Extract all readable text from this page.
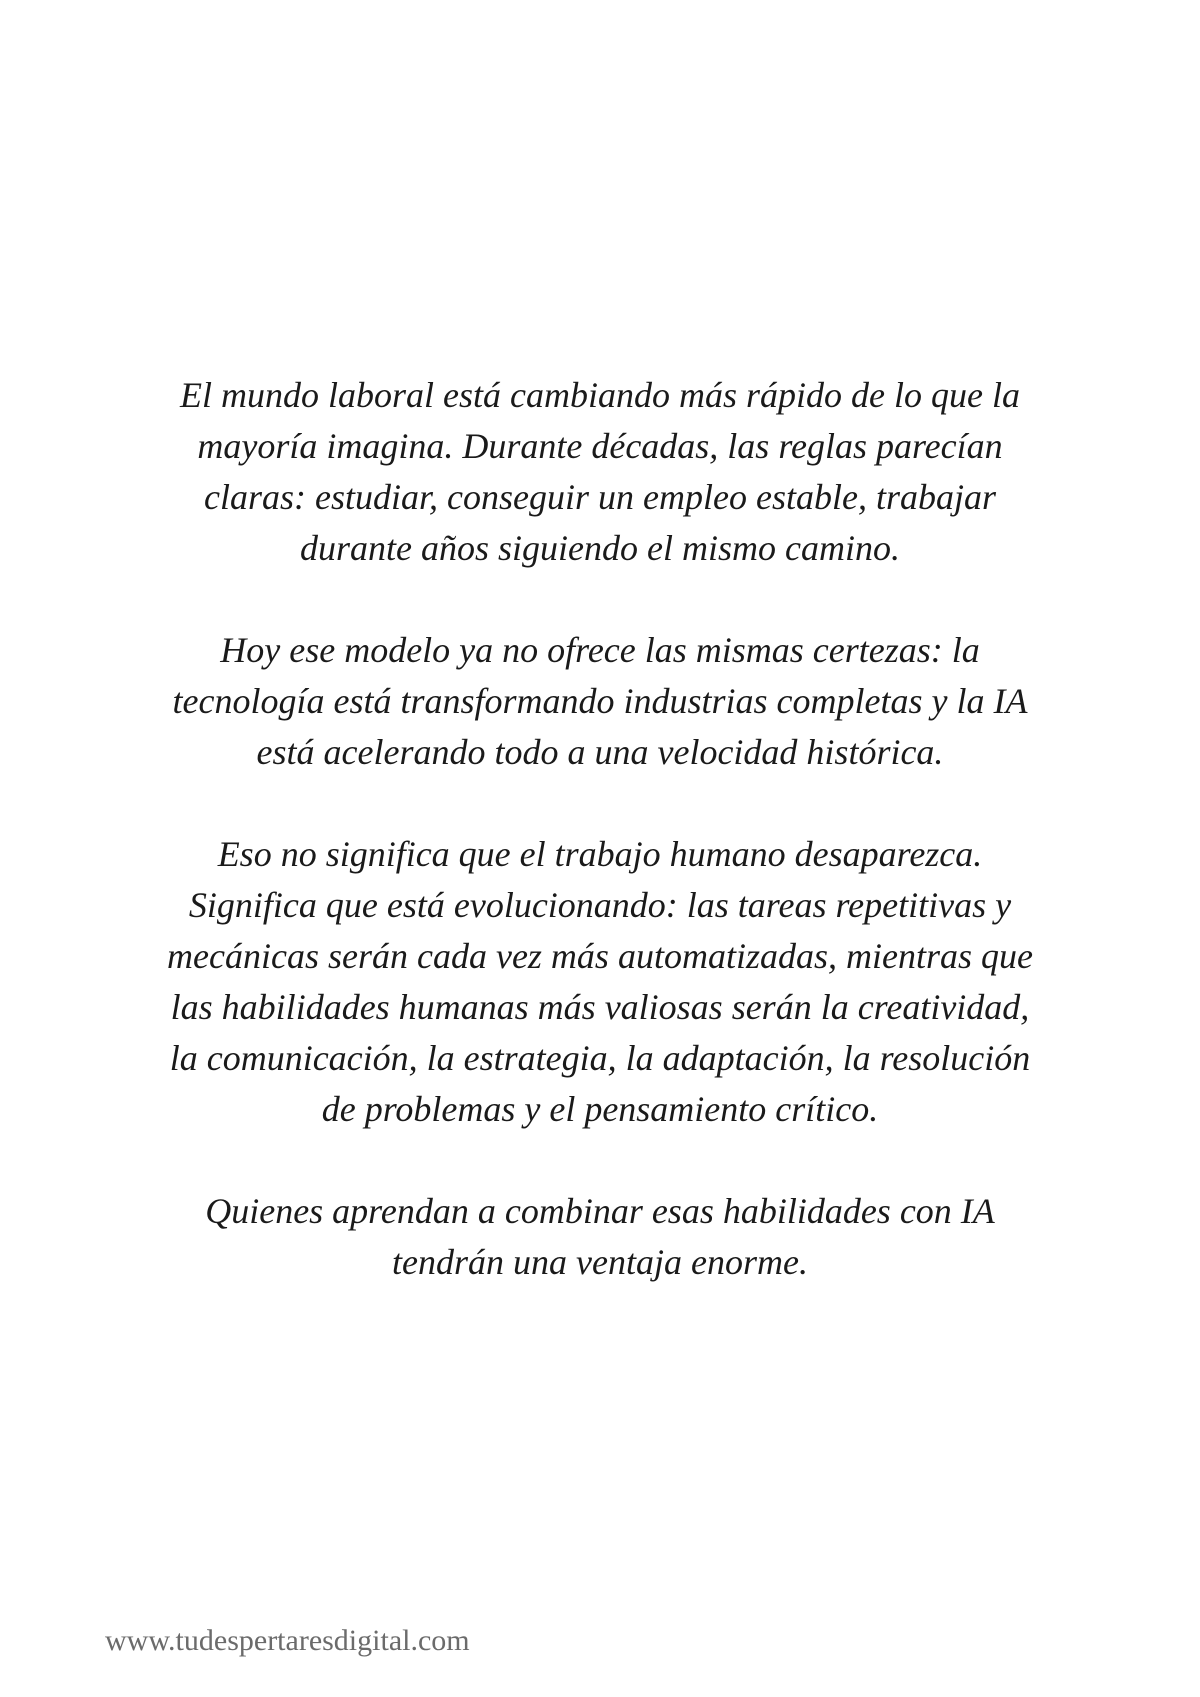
El mundo laboral está cambiando más rápido de lo que la
mayoría imagina. Durante décadas, las reglas parecían
claras: estudiar, conseguir un empleo estable, trabajar
durante años siguiendo el mismo camino.

Hoy ese modelo ya no ofrece las mismas certezas: la
tecnología está transformando industrias completas y la IA
está acelerando todo a una velocidad histórica.

Eso no significa que el trabajo humano desaparezca.
Significa que está evolucionando: las tareas repetitivas y
mecánicas serán cada vez más automatizadas, mientras que
las habilidades humanas más valiosas serán la creatividad,
la comunicación, la estrategia, la adaptación, la resolución
de problemas y el pensamiento crítico.

Quienes aprendan a combinar esas habilidades con IA
tendrán una ventaja enorme.

www.tudespertaresdigital.com
